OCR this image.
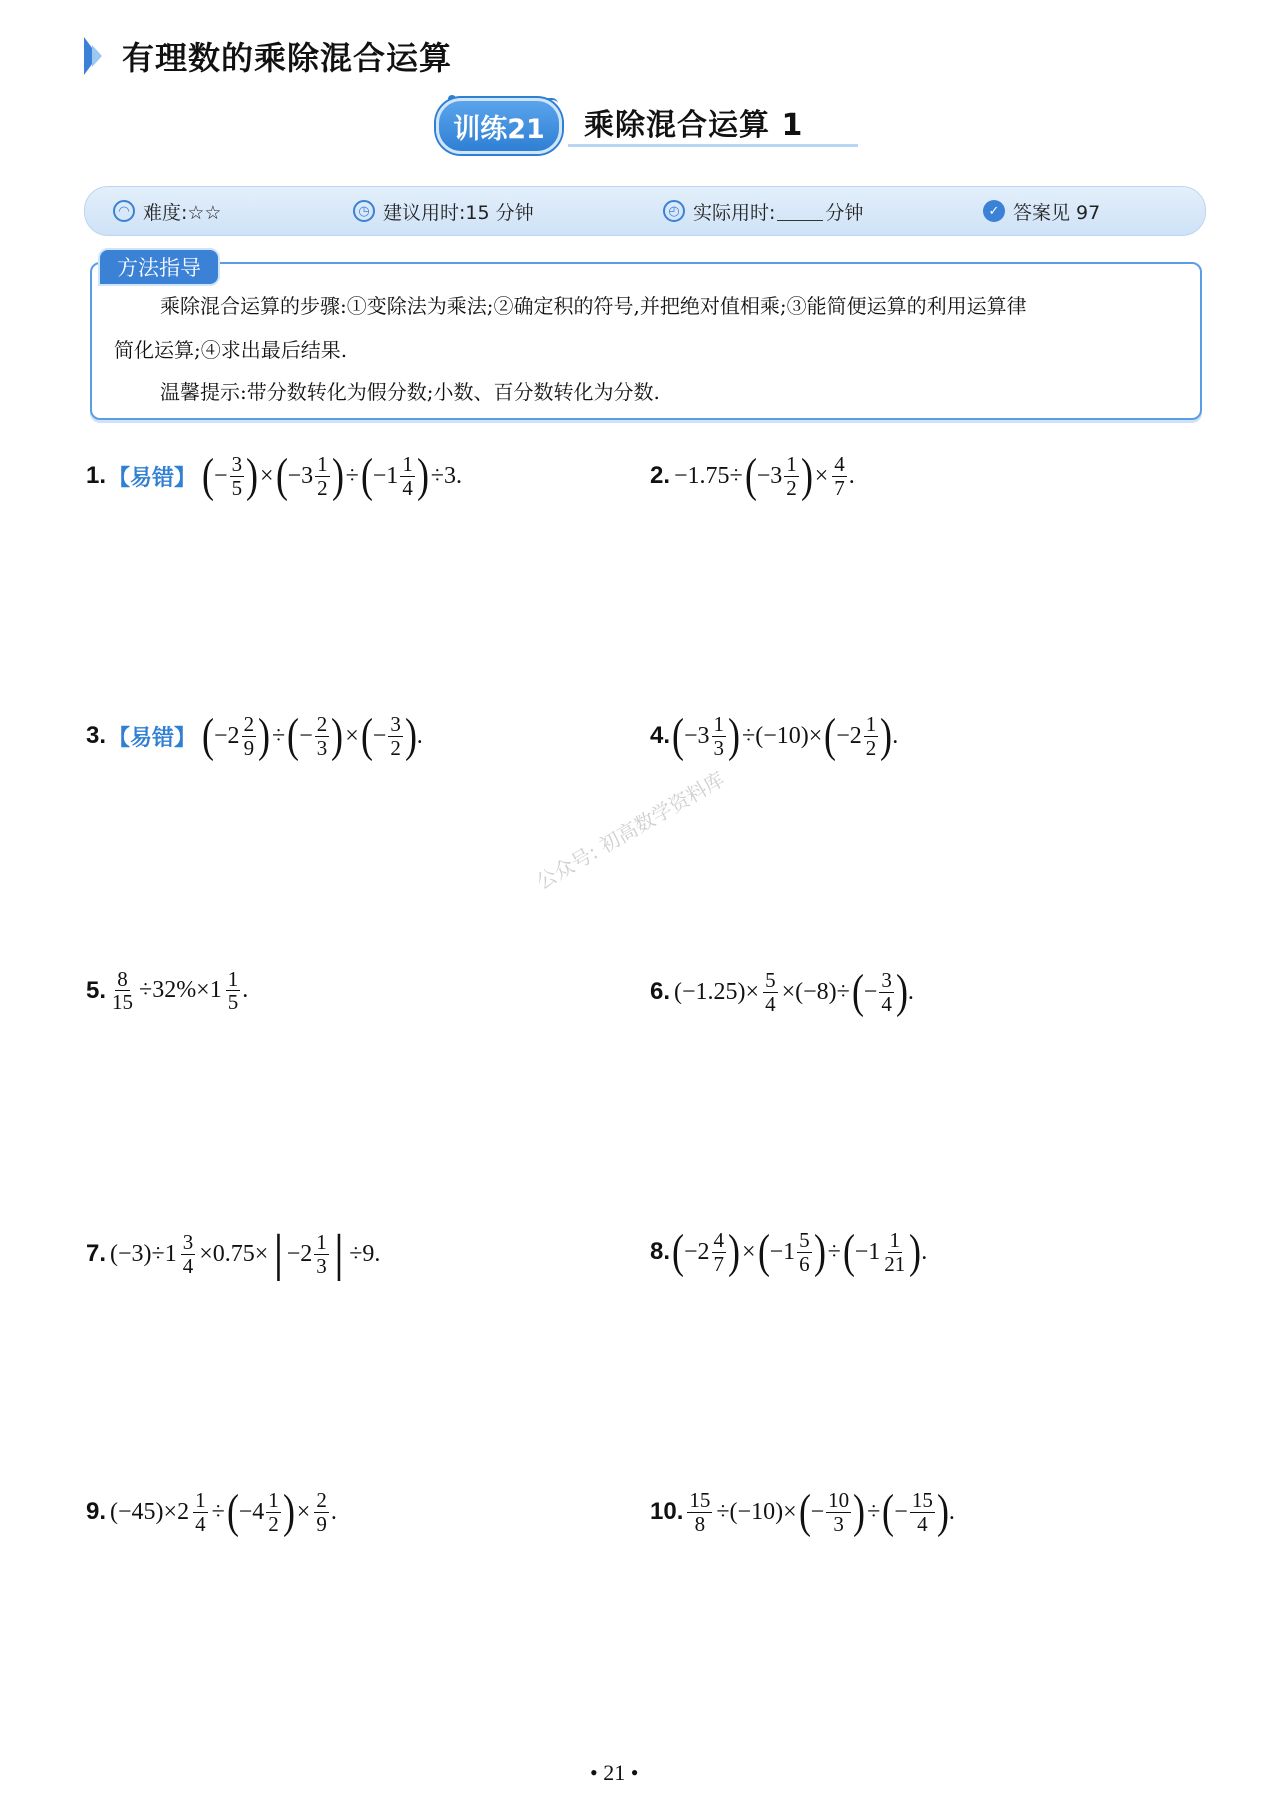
有理数的乘除混合运算
训练21	乘除混合运算 1
◠ 难度:☆☆	◷ 建议用时:15 分钟	◴ 实际用时:	分钟	✓ 答案见 97
乘除混合运算的步骤:①变除法为乘法;②确定积的符号,并把绝对值相乘;③能简便运算的利用运算律
简化运算;④求出最后结果.
温馨提示:带分数转化为假分数;小数、百分数转化为分数.
方法指导
1. 【易错】 ( − $\frac{3}{5}$ ) × ( $-3 \frac{1}{2}$ ) ÷ ( $-1 \frac{1}{4}$ ) ÷3.	2. −1.75÷ ( $-3 \frac{1}{2}$ ) × $\frac{4}{7}$ .
3. 【易错】 ( $-2 \frac{2}{9}$ ) ÷ ( − $\frac{2}{3}$ ) × ( − $\frac{3}{2}$ ) .	4. ( $-3 \frac{1}{3}$ ) ÷(−10)× ( $-2 \frac{1}{2}$ ) .
5. $\frac{8}{15} \div 32\%\times 1 \frac{1}{5}$ .	6. $(-1.25)\times \frac{5}{4} \times(-8)\div$ ( − $\frac{3}{4}$ ) .
7. $(-3)\div 1 \frac{3}{4} \times 0.75\times$ | $-2 \frac{1}{3}$ | ÷9.	8. ( $-2 \frac{4}{7}$ ) × ( $-1 \frac{5}{6}$ ) ÷ ( $-1 \frac{1}{21}$ ) .
9. $(-45)\times 2 \frac{1}{4}$ ÷ ( $-4 \frac{1}{2}$ ) × $\frac{2}{9}$ .	10. $\frac{15}{8} \div(-10)\times$ ( − $\frac{10}{3}$ ) ÷ ( − $\frac{15}{4}$ ) .
公众号: 初高数学资料库
• 21 •
